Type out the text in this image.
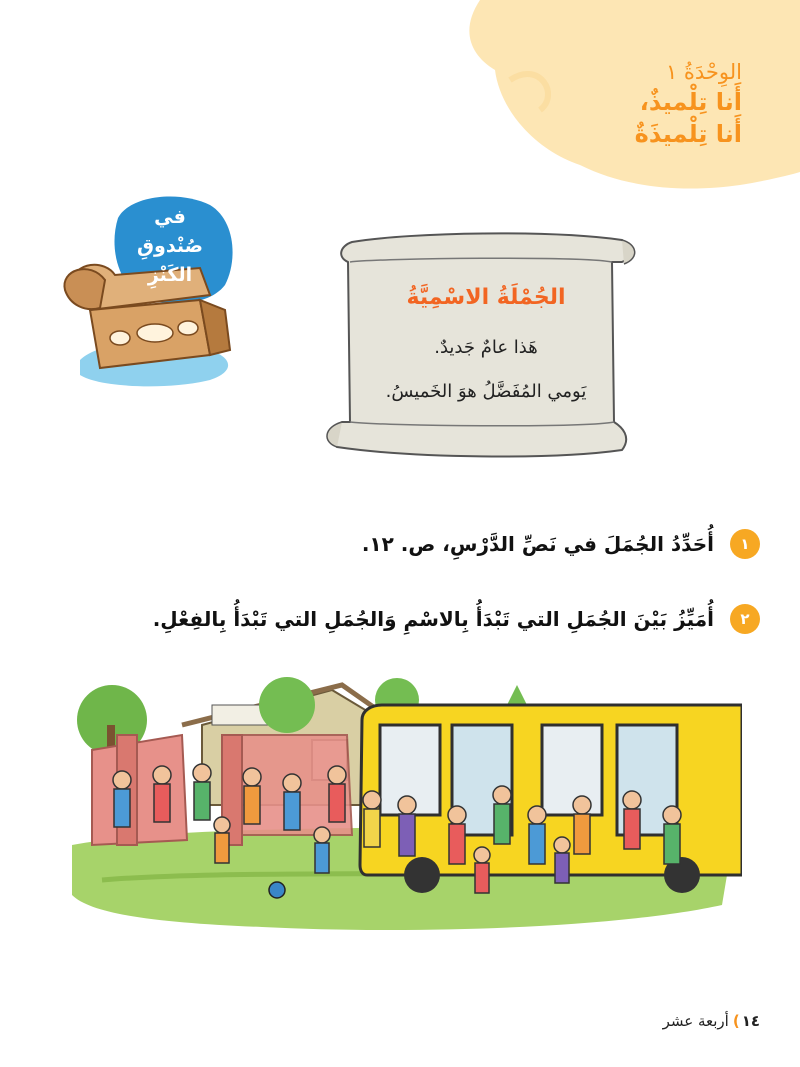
الوِحْدَةُ ١
أَنا تِلْميذٌ،
أَنا تِلْميذَةٌ
في
صُنْدوقِ
الكَنْزِ
الجُمْلَةُ الاسْمِيَّةُ
هَذا عامٌ جَديدٌ.
يَومي المُفَضَّلُ هوَ الخَميسُ.
١
أُحَدِّدُ الجُمَلَ في نَصِّ الدَّرْسِ، ص. ١٢.
٢
أُمَيِّزُ بَيْنَ الجُمَلِ التي تَبْدَأُ بِالاسْمِ وَالجُمَلِ التي تَبْدَأُ بِالفِعْلِ.
١٤
)
أربعة عشر
